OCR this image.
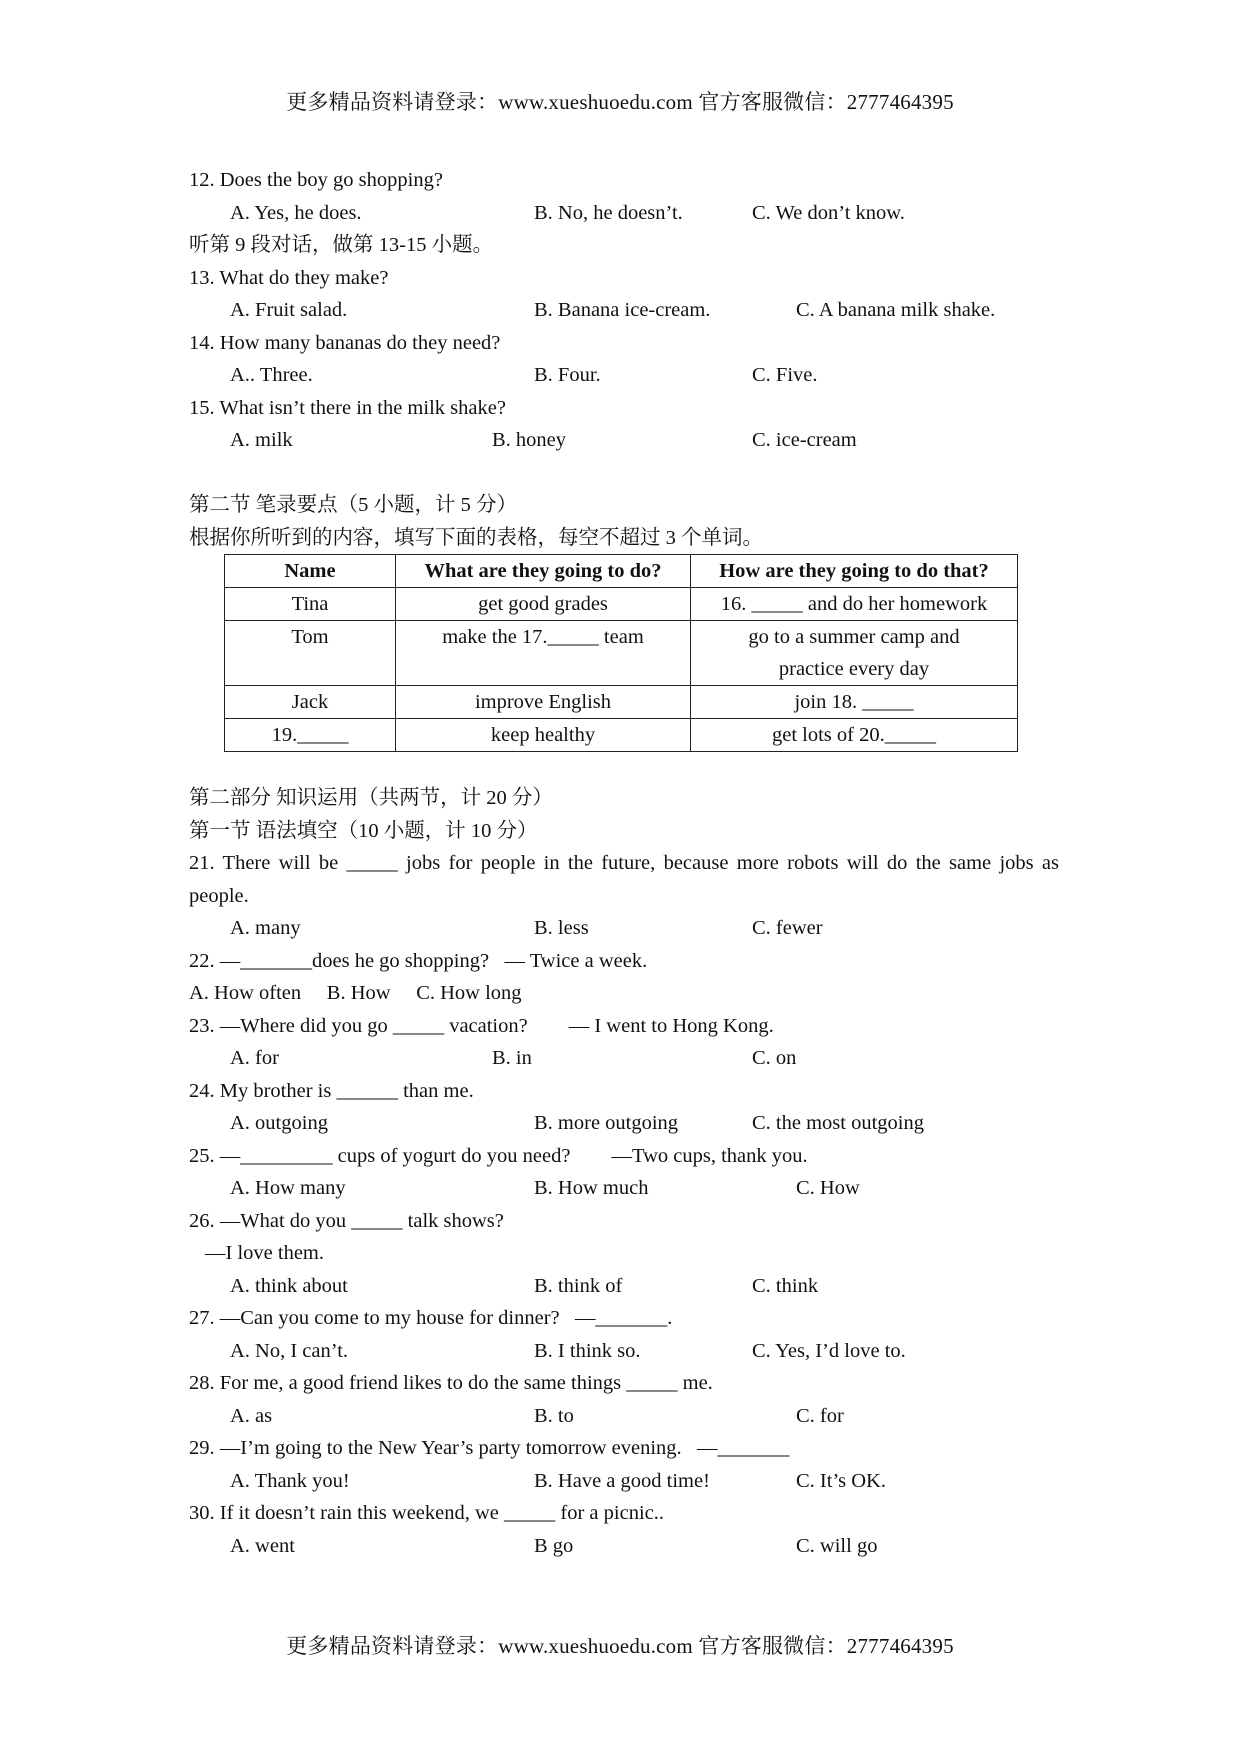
更多精品资料请登录：www.xueshuoedu.com 官方客服微信：2777464395
12. Does the boy go shopping?
A. Yes, he does.	B. No, he doesn’t.	C. We don’t know.
听第 9 段对话，做第 13-15 小题。
13. What do they make?
A. Fruit salad.	B. Banana ice-cream.	C. A banana milk shake.
14. How many bananas do they need?
A.. Three.	B. Four.	C. Five.
15. What isn’t there in the milk shake?
A. milk	B. honey	C. ice-cream
第二节 笔录要点（5 小题，计 5 分）
根据你所听到的内容，填写下面的表格，每空不超过 3 个单词。
Name	What are they going to do?	How are they going to do that?
Tina	get good grades	16. _____ and do her homework
Tom	make the 17._____ team	go to a summer camp and practice every day
Jack	improve English	join 18. _____
19._____	keep healthy	get lots of 20._____
第二部分 知识运用（共两节，计 20 分）
第一节 语法填空（10 小题，计 10 分）
21. There will be _____ jobs for people in the future, because more robots will do the same jobs as people.
A. many	B. less	C. fewer
22. —_______does he go shopping?   — Twice a week.
A. How often     B. How     C. How long
23. —Where did you go _____ vacation?        — I went to Hong Kong.
A. for	B. in	C. on
24. My brother is ______ than me.
A. outgoing	B. more outgoing	C. the most outgoing
25. —_________ cups of yogurt do you need?        —Two cups, thank you.
A. How many	B. How much	C. How
26. —What do you _____ talk shows?
—I love them.
A. think about	B. think of	C. think
27. —Can you come to my house for dinner?   —_______.
A. No, I can’t.	B. I think so.	C. Yes, I’d love to.
28. For me, a good friend likes to do the same things _____ me.
A. as	B. to	C. for
29. —I’m going to the New Year’s party tomorrow evening.   —_______
A. Thank you!	B. Have a good time!	C. It’s OK.
30. If it doesn’t rain this weekend, we _____ for a picnic..
A. went	B go	C. will go
更多精品资料请登录：www.xueshuoedu.com 官方客服微信：2777464395
